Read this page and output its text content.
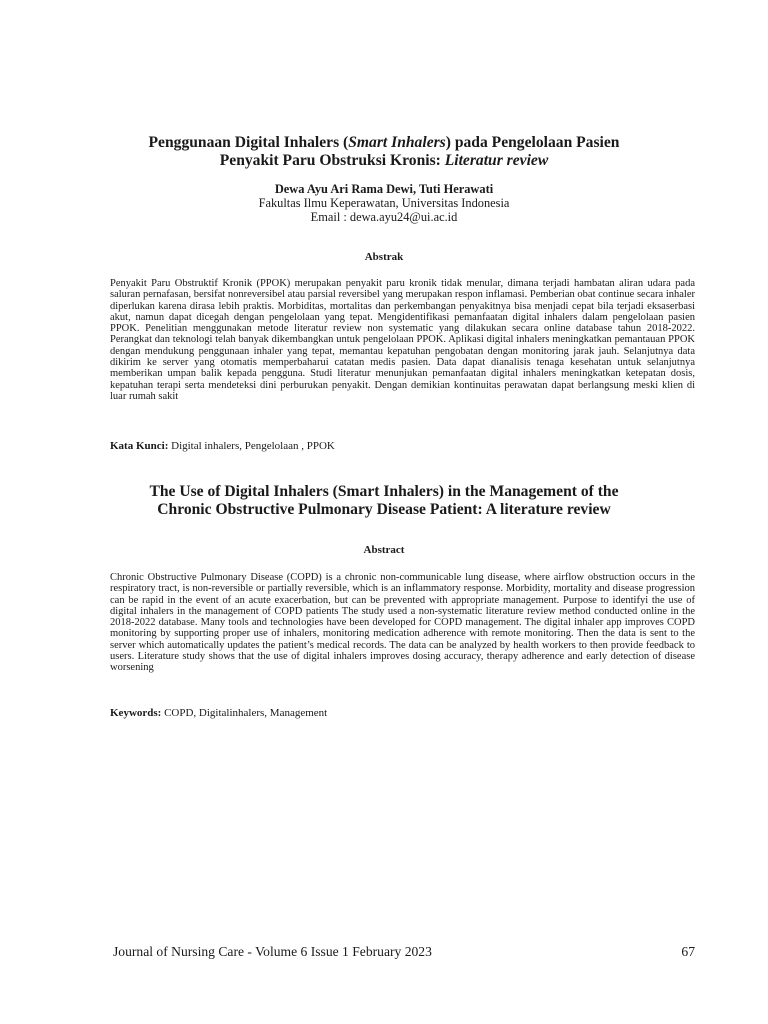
Penggunaan Digital Inhalers (Smart Inhalers) pada Pengelolaan Pasien
Penyakit Paru Obstruksi Kronis: Literatur review
Dewa Ayu Ari Rama Dewi, Tuti Herawati
Fakultas Ilmu Keperawatan, Universitas Indonesia
Email : dewa.ayu24@ui.ac.id
Abstrak

Penyakit Paru Obstruktif Kronik (PPOK) merupakan penyakit paru kronik tidak menular, dimana terjadi hambatan aliran udara pada saluran pernafasan, bersifat nonreversibel atau parsial reversibel yang merupakan respon inflamasi. Pemberian obat continue secara inhaler diperlukan karena dirasa lebih praktis. Morbiditas, mortalitas dan perkembangan penyakitnya bisa menjadi cepat bila terjadi eksaserbasi akut, namun dapat dicegah dengan pengelolaan yang tepat. Mengidentifikasi pemanfaatan digital inhalers dalam pengelolaan pasien PPOK. Penelitian menggunakan metode literatur review non systematic yang dilakukan secara online database tahun 2018-2022. Perangkat dan teknologi telah banyak dikembangkan untuk pengelolaan PPOK. Aplikasi digital inhalers meningkatkan pemantauan PPOK dengan mendukung penggunaan inhaler yang tepat, memantau kepatuhan pengobatan dengan monitoring jarak jauh. Selanjutnya data dikirim ke server yang otomatis memperbaharui catatan medis pasien. Data dapat dianalisis tenaga kesehatan untuk selanjutnya memberikan umpan balik kepada pengguna. Studi literatur menunjukan pemanfaatan digital inhalers meningkatkan ketepatan dosis, kepatuhan terapi serta mendeteksi dini perburukan penyakit. Dengan demikian kontinuitas perawatan dapat berlangsung meski klien di luar rumah sakit

Kata Kunci: Digital inhalers, Pengelolaan , PPOK
The Use of Digital Inhalers (Smart Inhalers) in the Management of the
Chronic Obstructive Pulmonary Disease Patient: A literature review
Abstract

Chronic Obstructive Pulmonary Disease (COPD) is a chronic non-communicable lung disease, where airflow obstruction occurs in the respiratory tract, is non-reversible or partially reversible, which is an inflammatory response. Morbidity, mortality and disease progression can be rapid in the event of an acute exacerbation, but can be prevented with appropriate management. Purpose to identifyi the use of digital inhalers in the management of COPD patients The study used a non-systematic literature review method conducted online in the 2018-2022 database. Many tools and technologies have been developed for COPD management. The digital inhaler app improves COPD monitoring by supporting proper use of inhalers, monitoring medication adherence with remote monitoring. Then the data is sent to the server which automatically updates the patient’s medical records. The data can be analyzed by health workers to then provide feedback to users. Literature study shows that the use of digital inhalers improves dosing accuracy, therapy adherence and early detection of disease worsening

Keywords: COPD, Digitalinhalers, Management
Journal of Nursing Care - Volume 6 Issue 1 February 2023	67
